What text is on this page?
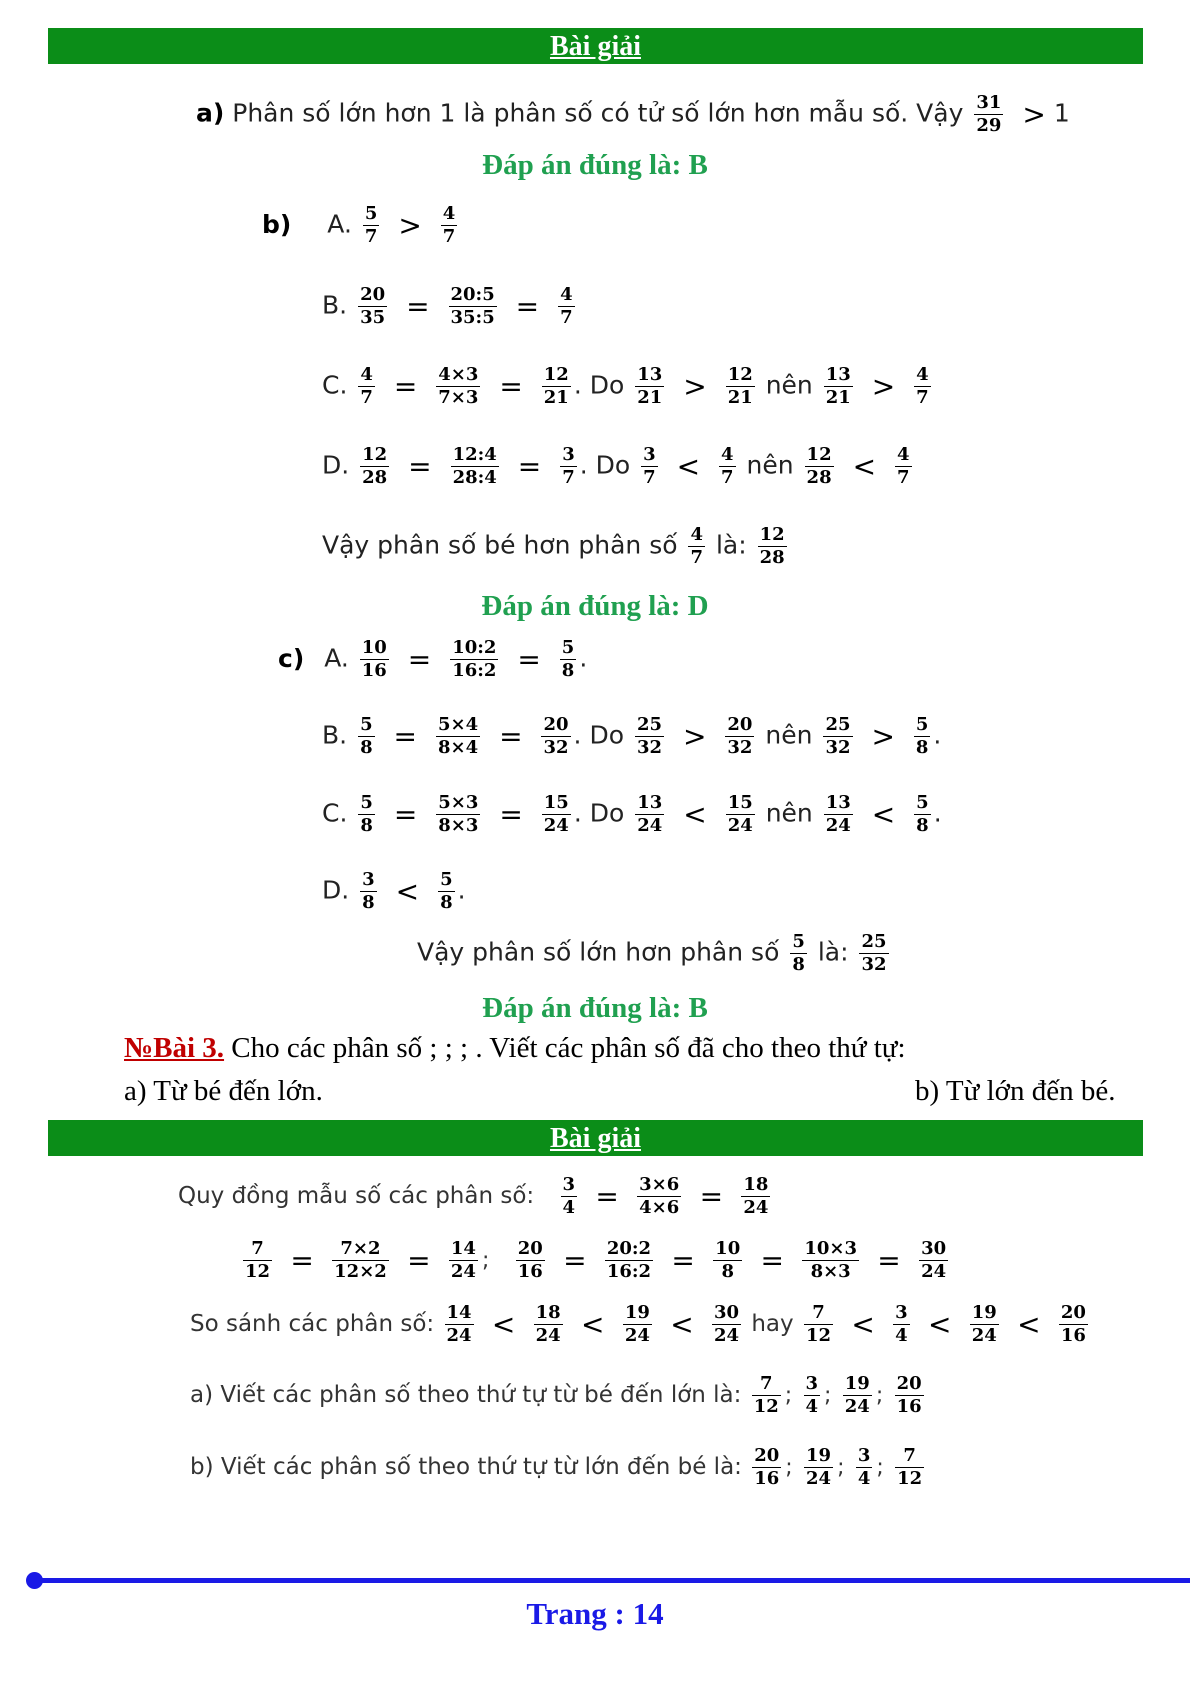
Bài giải
a) Phân số lớn hơn 1 là phân số có tử số lớn hơn mẫu số. Vậy $\frac{31}{29} > 1$
Đáp án đúng là: B
b) A. $\frac{5}{7} > \frac{4}{7}$
B. $\frac{20}{35} = \frac{20:5}{35:5} = \frac{4}{7}$
C. $\frac{4}{7} = \frac{4\times 3}{7\times 3} = \frac{12}{21}$ . Do $\frac{13}{21} > \frac{12}{21}$ nên $\frac{13}{21} > \frac{4}{7}$
D. $\frac{12}{28} = \frac{12:4}{28:4} = \frac{3}{7}$ . Do $\frac{3}{7} < \frac{4}{7}$ nên $\frac{12}{28} < \frac{4}{7}$
Vậy phân số bé hơn phân số $\frac{4}{7}$ là: $\frac{12}{28}$
Đáp án đúng là: D
c) A. $\frac{10}{16} = \frac{10:2}{16:2} = \frac{5}{8}$ .
B. $\frac{5}{8} = \frac{5\times 4}{8\times 4} = \frac{20}{32}$ . Do $\frac{25}{32} > \frac{20}{32}$ nên $\frac{25}{32} > \frac{5}{8}$ .
C. $\frac{5}{8} = \frac{5\times 3}{8\times 3} = \frac{15}{24}$ . Do $\frac{13}{24} < \frac{15}{24}$ nên $\frac{13}{24} < \frac{5}{8}$ .
D. $\frac{3}{8} < \frac{5}{8}$ .
Vậy phân số lớn hơn phân số $\frac{5}{8}$ là: $\frac{25}{32}$
Đáp án đúng là: B
№Bài 3. Cho các phân số ; ; ; . Viết các phân số đã cho theo thứ tự:
a) Từ bé đến lớn.	b) Từ lớn đến bé.
Bài giải
Quy đồng mẫu số các phân số: $\frac{3}{4} = \frac{3\times 6}{4\times 6} = \frac{18}{24}$
$\frac{7}{12} = \frac{7\times 2}{12\times 2} = \frac{14}{24}$ ; $\frac{20}{16} = \frac{20:2}{16:2} = \frac{10}{8} = \frac{10\times 3}{8\times 3} = \frac{30}{24}$
So sánh các phân số: $\frac{14}{24} < \frac{18}{24} < \frac{19}{24} < \frac{30}{24}$ hay $\frac{7}{12} < \frac{3}{4} < \frac{19}{24} < \frac{20}{16}$
a) Viết các phân số theo thứ tự từ bé đến lớn là: $\frac{7}{12}$ ; $\frac{3}{4}$ ; $\frac{19}{24}$ ; $\frac{20}{16}$
b) Viết các phân số theo thứ tự từ lớn đến bé là: $\frac{20}{16}$ ; $\frac{19}{24}$ ; $\frac{3}{4}$ ; $\frac{7}{12}$
Trang : 14
